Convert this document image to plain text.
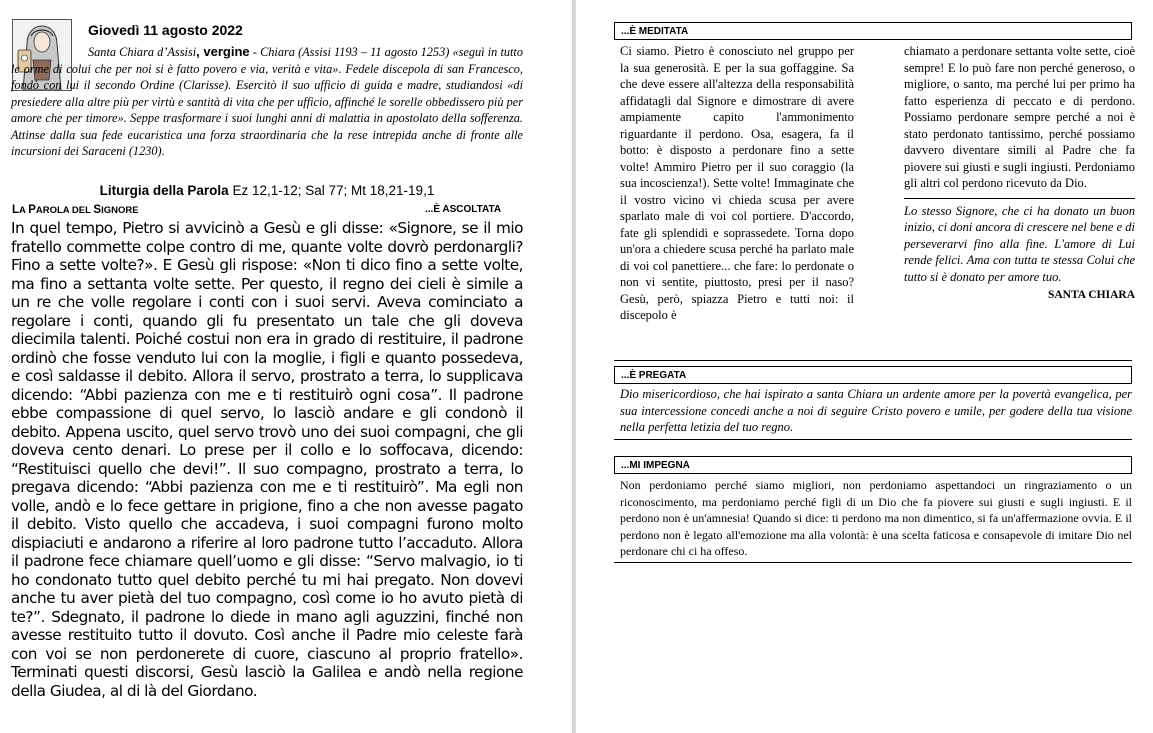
Giovedì 11 agosto 2022
Santa Chiara d’Assisi, vergine - Chiara (Assisi 1193 – 11 agosto 1253) «seguì in tutto le orme di colui che per noi si è fatto povero e via, verità e vita». Fedele discepola di san Francesco, fondò con lui il secondo Ordine (Clarisse). Esercitò il suo ufficio di guida e madre, studiandosi «di presiedere alla altre più per virtù e santità di vita che per ufficio, affinché le sorelle obbedissero più per amore che per timore». Seppe trasformare i suoi lunghi anni di malattia in apostolato della sofferenza. Attinse dalla sua fede eucaristica una forza straordinaria che la rese intrepida anche di fronte alle incursioni dei Saraceni (1230).
Liturgia della Parola Ez 12,1-12; Sal 77; Mt 18,21-19,1
LA PAROLA DEL SIGNORE	...È ASCOLTATA
In quel tempo, Pietro si avvicinò a Gesù e gli disse: «Signore, se il mio fratello commette colpe contro di me, quante volte dovrò perdonargli? Fino a sette volte?». E Gesù gli rispose: «Non ti dico fino a sette volte, ma fino a settanta volte sette. Per questo, il regno dei cieli è simile a un re che volle regolare i conti con i suoi servi. Aveva cominciato a regolare i conti, quando gli fu presentato un tale che gli doveva diecimila talenti. Poiché costui non era in grado di restituire, il padrone ordinò che fosse venduto lui con la moglie, i figli e quanto possedeva, e così saldasse il debito. Allora il servo, prostrato a terra, lo supplicava dicendo: “Abbi pazienza con me e ti restituirò ogni cosa”. Il padrone ebbe compassione di quel servo, lo lasciò andare e gli condonò il debito. Appena uscito, quel servo trovò uno dei suoi compagni, che gli doveva cento denari. Lo prese per il collo e lo soffocava, dicendo: “Restituisci quello che devi!”. Il suo compagno, prostrato a terra, lo pregava dicendo: “Abbi pazienza con me e ti restituirò”. Ma egli non volle, andò e lo fece gettare in prigione, fino a che non avesse pagato il debito. Visto quello che accadeva, i suoi compagni furono molto dispiaciuti e andarono a riferire al loro padrone tutto l’accaduto. Allora il padrone fece chiamare quell’uomo e gli disse: “Servo malvagio, io ti ho condonato tutto quel debito perché tu mi hai pregato. Non dovevi anche tu aver pietà del tuo compagno, così come io ho avuto pietà di te?”. Sdegnato, il padrone lo diede in mano agli aguzzini, finché non avesse restituito tutto il dovuto. Così anche il Padre mio celeste farà con voi se non perdonerete di cuore, ciascuno al proprio fratello». Terminati questi discorsi, Gesù lasciò la Galilea e andò nella regione della Giudea, al di là del Giordano.
...È MEDITATA
Ci siamo. Pietro è conosciuto nel gruppo per la sua generosità. E per la sua goffaggine. Sa che deve essere all'altezza della responsabilità affidatagli dal Signore e dimostrare di avere ampiamente capito l'ammonimento riguardante il perdono. Osa, esagera, fa il botto: è disposto a perdonare fino a sette volte! Ammiro Pietro per il suo coraggio (la sua incoscienza!). Sette volte! Immaginate che il vostro vicino vi chieda scusa per avere sparlato male di voi col portiere. D'accordo, fate gli splendidi e soprassedete. Torna dopo un'ora a chiedere scusa perché ha parlato male di voi col panettiere... che fare: lo perdonate o non vi sentite, piuttosto, presi per il naso? Gesù, però, spiazza Pietro e tutti noi: il discepolo è
chiamato a perdonare settanta volte sette, cioè sempre! E lo può fare non perché generoso, o migliore, o santo, ma perché lui per primo ha fatto esperienza di peccato e di perdono. Possiamo perdonare sempre perché a noi è stato perdonato tantissimo, perché possiamo davvero diventare simili al Padre che fa piovere sui giusti e sugli ingiusti. Perdoniamo gli altri col perdono ricevuto da Dio.
Lo stesso Signore, che ci ha donato un buon inizio, ci doni ancora di crescere nel bene e di perseverarvi fino alla fine. L'amore di Lui rende felici. Ama con tutta te stessa Colui che tutto si è donato per amore tuo.
SANTA CHIARA
...È PREGATA
Dio misericordioso, che hai ispirato a santa Chiara un ardente amore per la povertà evangelica, per sua intercessione concedi anche a noi di seguire Cristo povero e umile, per godere della tua visione nella perfetta letizia del tuo regno.
...MI IMPEGNA
Non perdoniamo perché siamo migliori, non perdoniamo aspettandoci un ringraziamento o un riconoscimento, ma perdoniamo perché figli di un Dio che fa piovere sui giusti e sugli ingiusti. E il perdono non è un'amnesia! Quando si dice: ti perdono ma non dimentico, si fa un'affermazione ovvia. E il perdono non è legato all'emozione ma alla volontà: è una scelta faticosa e consapevole di imitare Dio nel perdonare chi ci ha offeso.
